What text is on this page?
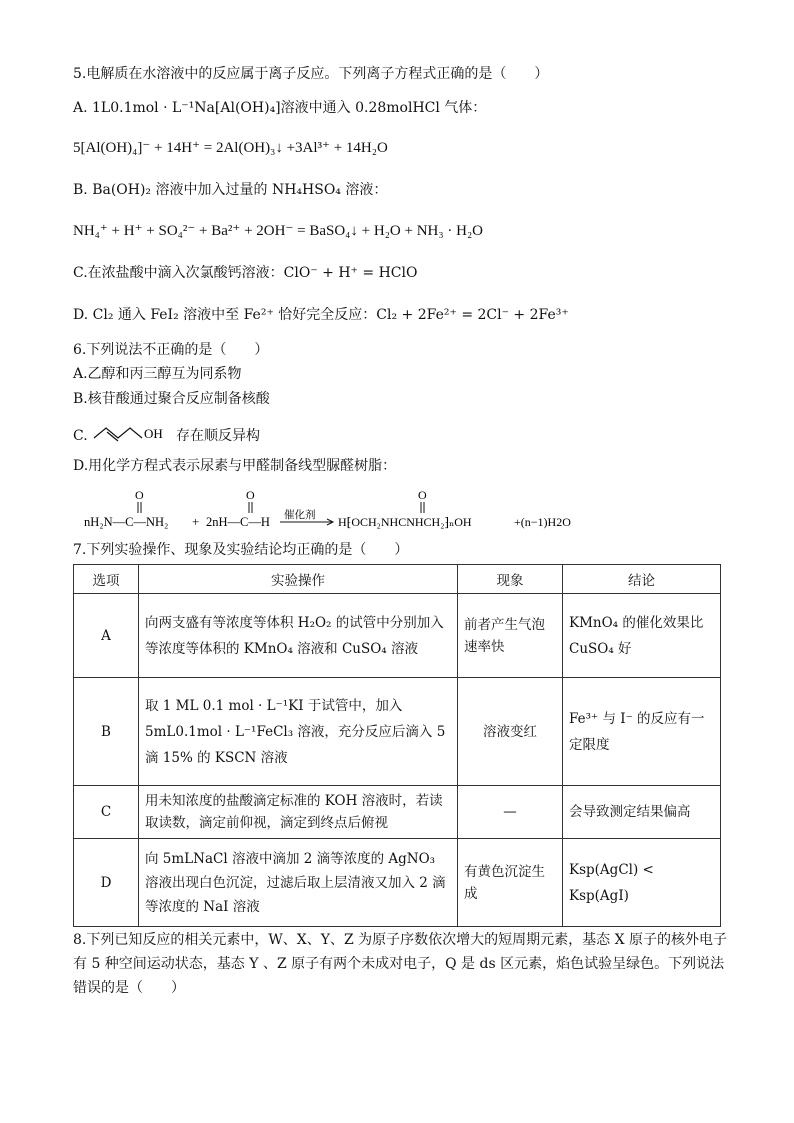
5.电解质在水溶液中的反应属于离子反应。下列离子方程式正确的是（　　）
A. 1L0.1mol · L⁻¹Na[Al(OH)₄]溶液中通入 0.28molHCl 气体：
5[Al(OH)₄]⁻ + 14H⁺ = 2Al(OH)₃↓ +3Al³⁺ + 14H₂O
B. Ba(OH)₂ 溶液中加入过量的 NH₄HSO₄ 溶液：
NH₄⁺ + H⁺ + SO₄²⁻ + Ba²⁺ + 2OH⁻ = BaSO₄↓ + H₂O + NH₃ · H₂O
C.在浓盐酸中滴入次氯酸钙溶液：ClO⁻ + H⁺ = HClO
D. Cl₂ 通入 FeI₂ 溶液中至 Fe²⁺ 恰好完全反应：Cl₂ + 2Fe²⁺ = 2Cl⁻ + 2Fe³⁺
6.下列说法不正确的是（　　）
A.乙醇和丙三醇互为同系物
B.核苷酸通过聚合反应制备核酸
C.	OH 存在顺反异构
D.用化学方程式表示尿素与甲醛制备线型脲醛树脂：
O
nH₂N—C—NH₂ +
O
2nH—C—H 催化剂
O
H⁅OCH₂NHCNHCH₂⁆ₙOH	+(n−1)H2O
7.下列实验操作、现象及实验结论均正确的是（　　）
选项	实验操作	现象	结论
A	向两支盛有等浓度等体积 H₂O₂ 的试管中分别加入等浓度等体积的 KMnO₄ 溶液和 CuSO₄ 溶液	前者产生气泡速率快	KMnO₄ 的催化效果比 CuSO₄ 好
B	取 1 ML 0.1 mol · L⁻¹KI 于试管中，加入 5mL0.1mol · L⁻¹FeCl₃ 溶液，充分反应后滴入 5 滴 15% 的 KSCN 溶液	溶液变红	Fe³⁺ 与 I⁻ 的反应有一定限度
C	用未知浓度的盐酸滴定标准的 KOH 溶液时，若读取读数，滴定前仰视，滴定到终点后俯视	—	会导致测定结果偏高
D	向 5mLNaCl 溶液中滴加 2 滴等浓度的 AgNO₃ 溶液出现白色沉淀，过滤后取上层清液又加入 2 滴等浓度的 NaI 溶液	有黄色沉淀生成	Ksp(AgCl) < Ksp(AgI)
8.下列已知反应的相关元素中，W、X、Y、Z 为原子序数依次增大的短周期元素，基态 X 原子的核外电子
有 5 种空间运动状态，基态 Y 、Z 原子有两个未成对电子，Q 是 ds 区元素，焰色试验呈绿色。下列说法
错误的是（　　）
